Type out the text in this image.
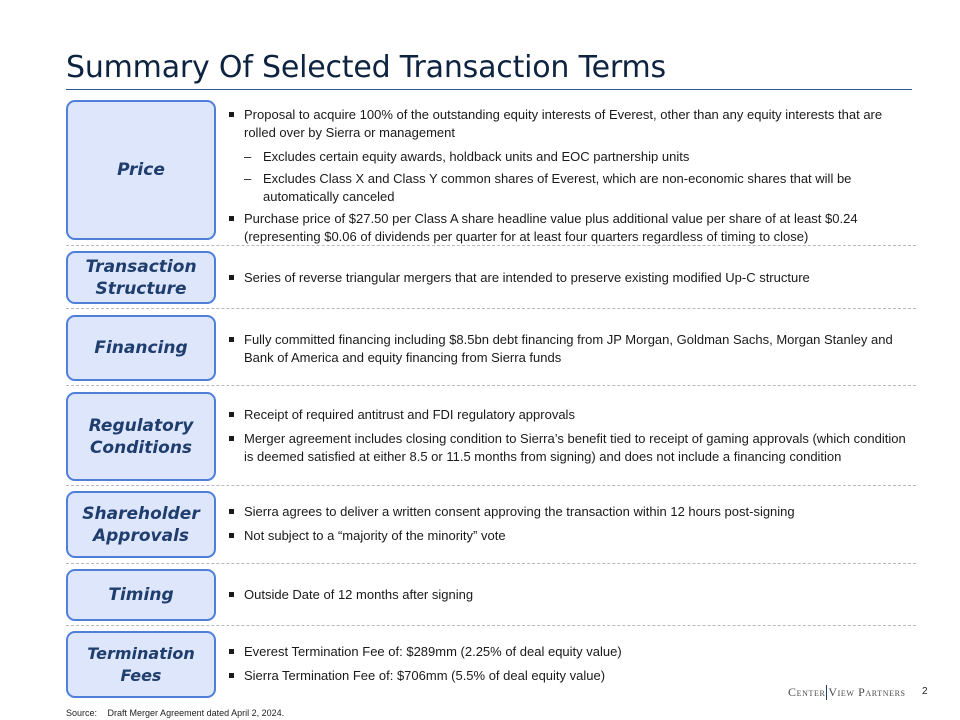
Summary Of Selected Transaction Terms
Price
Proposal to acquire 100% of the outstanding equity interests of Everest, other than any equity interests that are rolled over by Sierra or management
– Excludes certain equity awards, holdback units and EOC partnership units
– Excludes Class X and Class Y common shares of Everest, which are non-economic shares that will be automatically canceled
Purchase price of $27.50 per Class A share headline value plus additional value per share of at least $0.24 (representing $0.06 of dividends per quarter for at least four quarters regardless of timing to close)
Transaction Structure
Series of reverse triangular mergers that are intended to preserve existing modified Up-C structure
Financing	Fully committed financing including $8.5bn debt financing from JP Morgan, Goldman Sachs, Morgan Stanley and Bank of America and equity financing from Sierra funds
Regulatory Conditions
Receipt of required antitrust and FDI regulatory approvals
Merger agreement includes closing condition to Sierra’s benefit tied to receipt of gaming approvals (which condition is deemed satisfied at either 8.5 or 11.5 months from signing) and does not include a financing condition
Shareholder Approvals
Sierra agrees to deliver a written consent approving the transaction within 12 hours post-signing
Not subject to a “majority of the minority” vote
Timing	Outside Date of 12 months after signing
Termination Fees
Everest Termination Fee of: $289mm (2.25% of deal equity value)
Sierra Termination Fee of: $706mm (5.5% of deal equity value)
Center View Partners 2
Source: Draft Merger Agreement dated April 2, 2024.
